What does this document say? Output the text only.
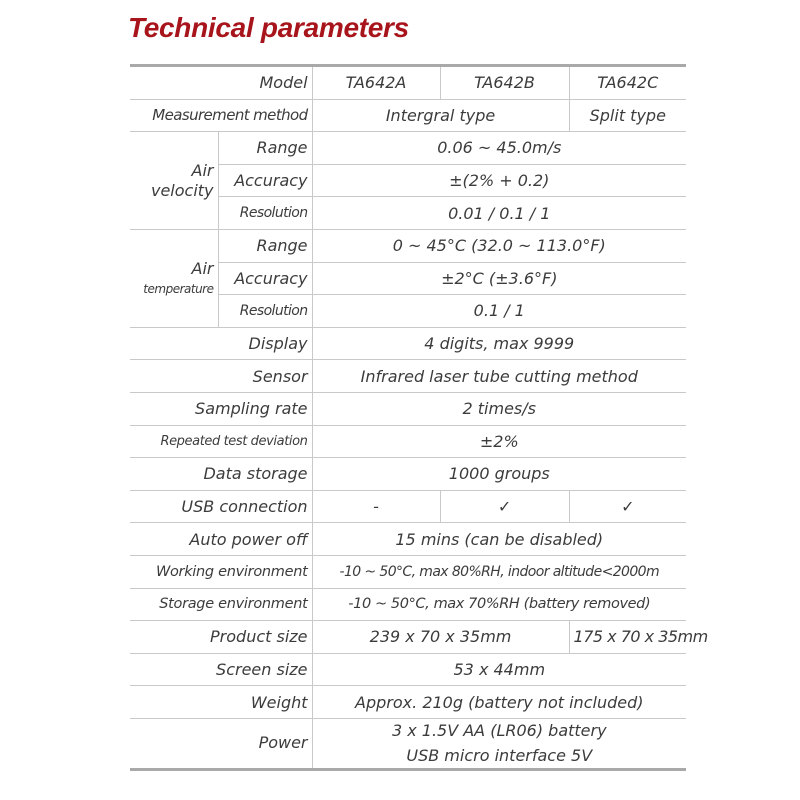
Technical parameters
Model		TA642A	TA642B	TA642C
Measurement method		Intergral type		Split type
Air
velocity	Range	0.06 ~ 45.0m/s		
	Accuracy	±(2% + 0.2)		
	Resolution	0.01 / 0.1 / 1		
Air
temperature	Range	0 ~ 45°C (32.0 ~ 113.0°F)		
	Accuracy	±2°C (±3.6°F)		
	Resolution	0.1 / 1		
Display		4 digits, max 9999		
Sensor		Infrared laser tube cutting method		
Sampling rate		2 times/s		
Repeated test deviation		±2%		
Data storage		1000 groups		
USB connection		-	✓	✓
Auto power off		15 mins (can be disabled)		
Working environment		-10 ~ 50°C, max 80%RH, indoor altitude<2000m		
Storage environment		-10 ~ 50°C, max 70%RH (battery removed)		
Product size		239 x 70 x 35mm		175 x 70 x 35mm
Screen size		53 x 44mm		
Weight		Approx. 210g (battery not included)		
Power		3 x 1.5V AA (LR06) battery
USB micro interface 5V		
